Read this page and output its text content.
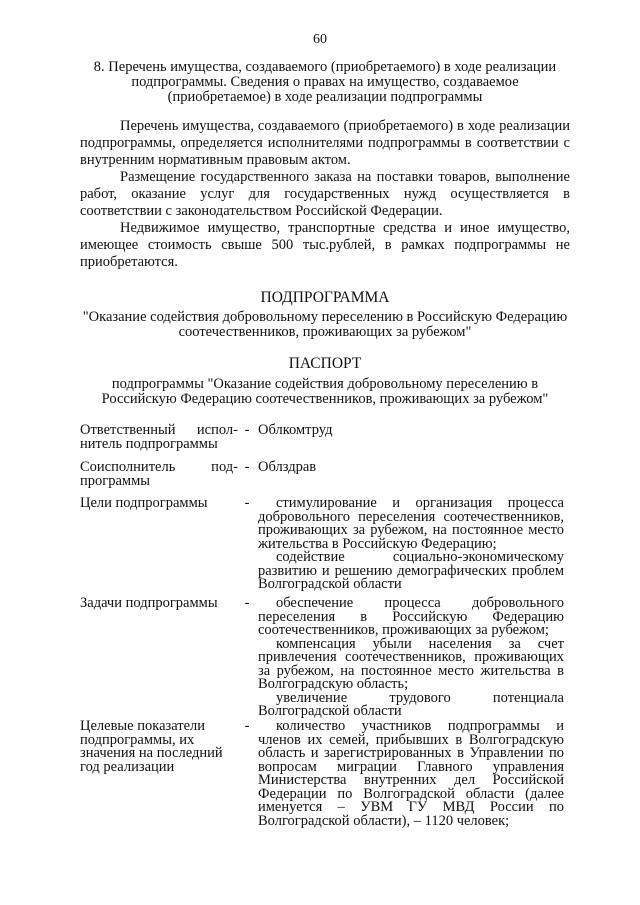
60
8. Перечень имущества, создаваемого (приобретаемого) в ходе реализации подпрограммы. Сведения о правах на имущество, создаваемое (приобретаемое) в ходе реализации подпрограммы

Перечень имущества, создаваемого (приобретаемого) в ходе реализации подпрограммы, определяется исполнителями подпрограммы в соответствии с внутренним нормативным правовым актом.

Размещение государственного заказа на поставки товаров, выполнение работ, оказание услуг для государственных нужд осуществляется в соответствии с законодательством Российской Федерации.

Недвижимое имущество, транспортные средства и иное имущество, имеющее стоимость свыше 500 тыс.рублей, в рамках подпрограммы не приобретаются.

ПОДПРОГРАММА
"Оказание содействия добровольному переселению в Российскую Федерацию соотечественников, проживающих за рубежом"
ПАСПОРТ
подпрограммы "Оказание содействия добровольному переселению в Российскую Федерацию соотечественников, проживающих за рубежом"
Ответственный испол-нитель подпрограммы
- Облкомтруд

Соисполнитель под-программы
- Облздрав

Цели подпрограммы	-	стимулирование и организация процесса добровольного переселения соотечественников, проживающих за рубежом, на постоянное место жительства в Российскую Федерацию;

содействие социально-экономическому развитию и решению демографических проблем Волгоградской области

Задачи подпрограммы	-	обеспечение процесса добровольного переселения в Российскую Федерацию соотечественников, проживающих за рубежом;

компенсация убыли населения за счет привлечения соотечественников, проживающих за рубежом, на постоянное место жительства в Волгоградскую область;

увеличение трудового потенциала Волгоградской области

Целевые показатели подпрограммы, их значения на последний год реализации
-	количество участников подпрограммы и членов их семей, прибывших в Волгоградскую область и зарегистрированных в Управлении по вопросам миграции Главного управления Министерства внутренних дел Российской Федерации по Волгоградской области (далее именуется – УВМ ГУ МВД России по Волгоградской области), – 1120 человек;
